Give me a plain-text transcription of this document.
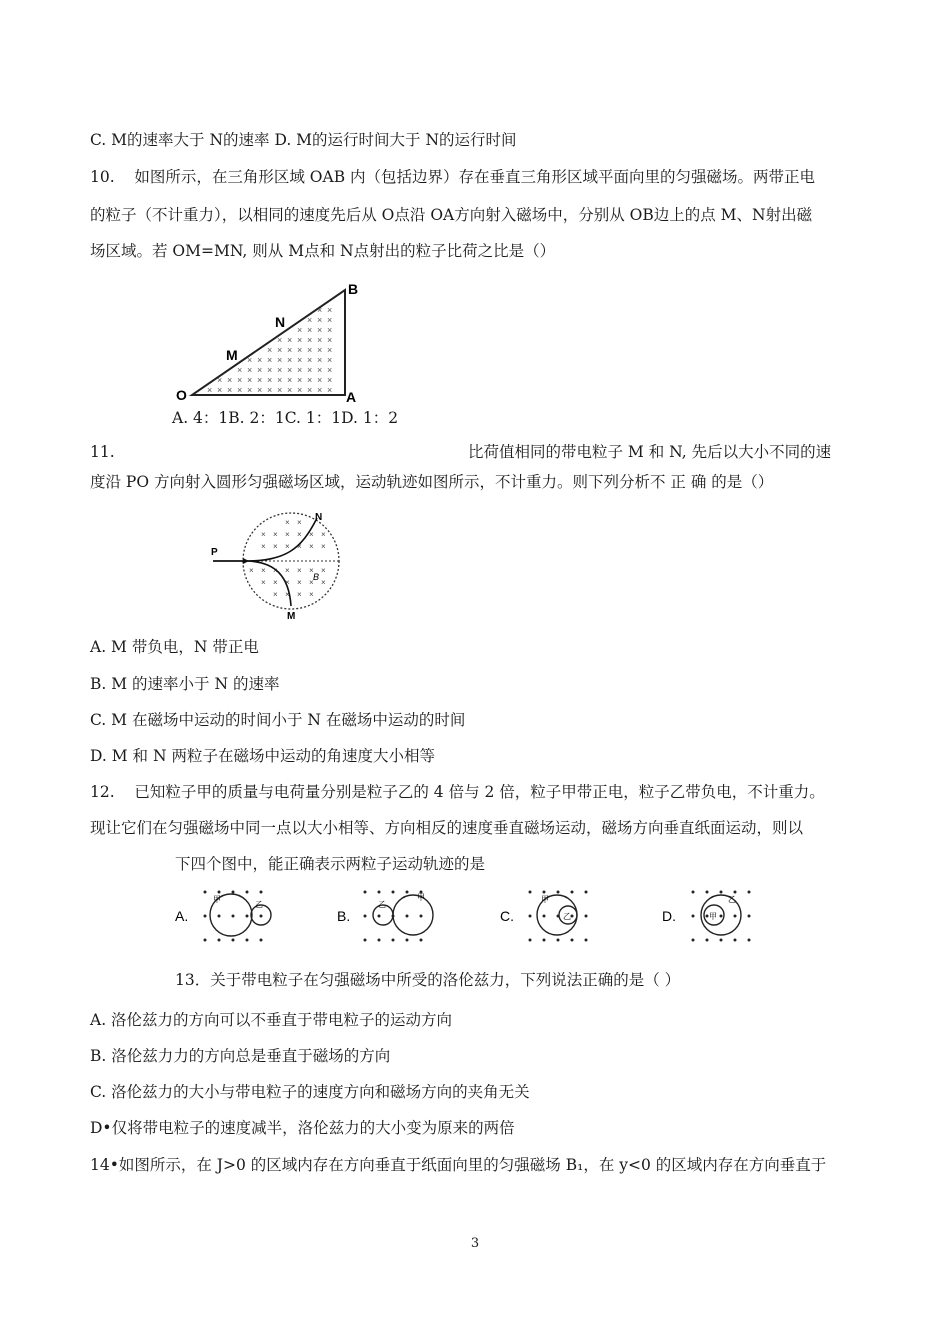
C. M的速率大于 N的速率 D. M的运行时间大于 N的运行时间
10. 如图所示，在三角形区域 OAB 内（包括边界）存在垂直三角形区域平面向里的匀强磁场。两带正电
的粒子（不计重力），以相同的速度先后从 O点沿 OA方向射入磁场中，分别从 OB边上的点 M、N射出磁
场区域。若 OM=MN, 则从 M点和 N点射出的粒子比荷之比是（）
× × × × × × × × × × × × ×
× × × × × × × × × × × ×
× × × × × × × × × ×
× × × × × × × × ×
× × × × × × ×
× × × × × ×
× × × ×
× × ×
× ×
O	A
B
M
N
A. 4：1B. 2：1C. 1：1D. 1：2
11.	比荷值相同的带电粒子 M 和 N, 先后以大小不同的速
度沿 PO 方向射入圆形匀强磁场区域，运动轨迹如图所示，不计重力。则下列分析不 正 确 的是（）
× ×
× × × × × ×
× × × × × ×
× × × × × × ×
× × × × × ×
× × × ×
P
N
M
B
A. M 带负电，N 带正电
B. M 的速率小于 N 的速率
C. M 在磁场中运动的时间小于 N 在磁场中运动的时间
D. M 和 N 两粒子在磁场中运动的角速度大小相等
12. 已知粒子甲的质量与电荷量分别是粒子乙的 4 倍与 2 倍，粒子甲带正电，粒子乙带负电，不计重力。
现让它们在匀强磁场中同一点以大小相等、方向相反的速度垂直磁场运动，磁场方向垂直纸面运动，则以
下四个图中，能正确表示两粒子运动轨迹的是
A.
甲
乙
B.
乙
甲
C.
甲
乙	D.	甲
乙
13．关于带电粒子在匀强磁场中所受的洛伦兹力，下列说法正确的是（ ）
A. 洛伦兹力的方向可以不垂直于带电粒子的运动方向
B. 洛伦兹力力的方向总是垂直于磁场的方向
C. 洛伦兹力的大小与带电粒子的速度方向和磁场方向的夹角无关
D•仅将带电粒子的速度减半，洛伦兹力的大小变为原来的两倍
14•如图所示，在 J>0 的区域内存在方向垂直于纸面向里的匀强磁场 B₁，在 y<0 的区域内存在方向垂直于
3
